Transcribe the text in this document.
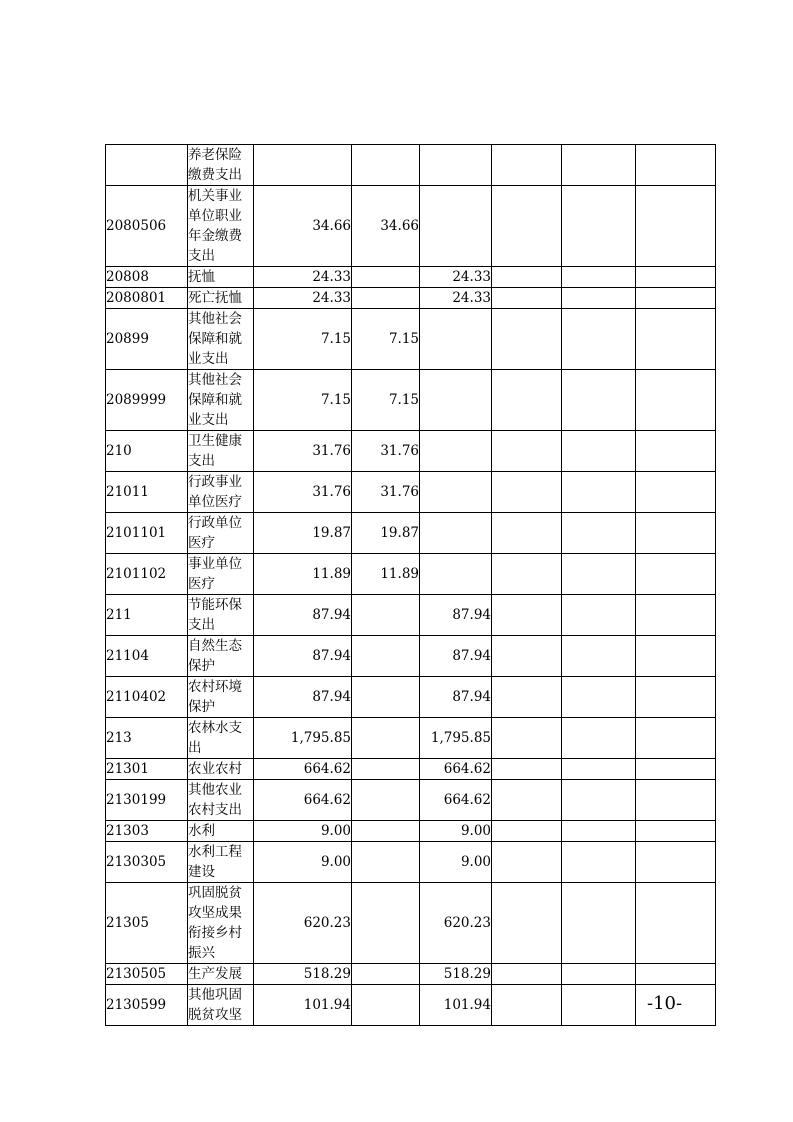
	养老保险
缴费支出						
2080506	机关事业
单位职业
年金缴费
支出	34.66	34.66				
20808	抚恤	24.33		24.33			
2080801	死亡抚恤	24.33		24.33			
20899	其他社会
保障和就
业支出	7.15	7.15				
2089999	其他社会
保障和就
业支出	7.15	7.15				
210	卫生健康
支出	31.76	31.76				
21011	行政事业
单位医疗	31.76	31.76				
2101101	行政单位
医疗	19.87	19.87				
2101102	事业单位
医疗	11.89	11.89				
211	节能环保
支出	87.94		87.94			
21104	自然生态
保护	87.94		87.94			
2110402	农村环境
保护	87.94		87.94			
213	农林水支
出	1,795.85		1,795.85			
21301	农业农村	664.62		664.62			
2130199	其他农业
农村支出	664.62		664.62			
21303	水利	9.00		9.00			
2130305	水利工程
建设	9.00		9.00			
21305	巩固脱贫
攻坚成果
衔接乡村
振兴	620.23		620.23			
2130505	生产发展	518.29		518.29			
2130599	其他巩固
脱贫攻坚	101.94		101.94				-10-
